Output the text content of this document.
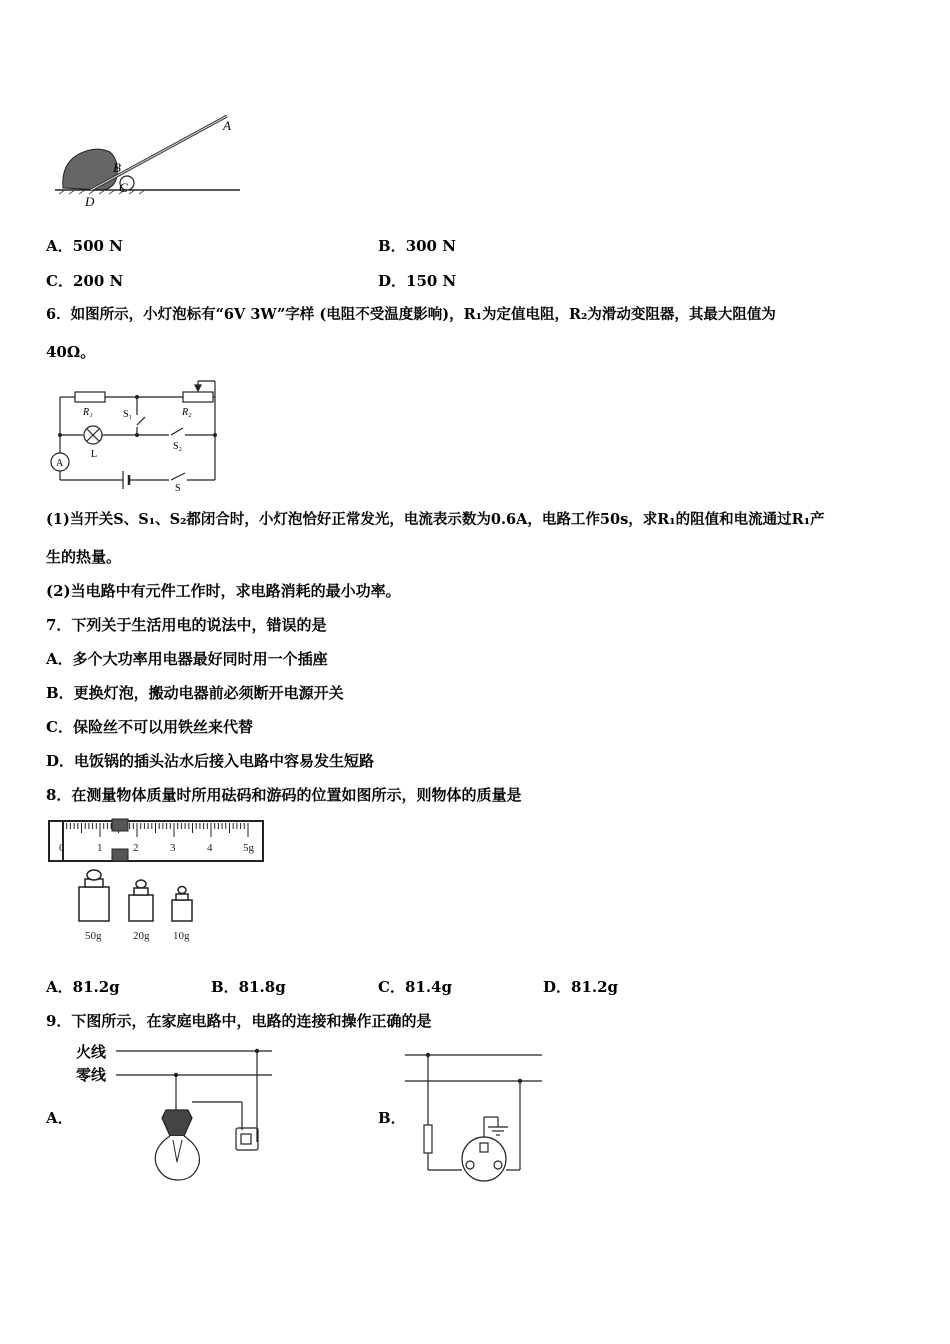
A
B
C
D
A．500 N	B．300 N
C．200 N	D．150 N
6．如图所示，小灯泡标有“6V 3W”字样 (电阻不受温度影响)，R₁为定值电阻，R₂为滑动变阻器，其最大阻值为
40Ω。
R₁	R₂
S₁
S₂
L
A
S
(1)当开关S、S₁、S₂都闭合时，小灯泡恰好正常发光，电流表示数为0.6A，电路工作50s，求R₁的阻值和电流通过R₁产
生的热量。
(2)当电路中有元件工作时，求电路消耗的最小功率。
7．下列关于生活用电的说法中，错误的是
A．多个大功率用电器最好同时用一个插座
B．更换灯泡，搬动电器前必须断开电源开关
C．保险丝不可以用铁丝来代替
D．电饭锅的插头沾水后接入电路中容易发生短路
8．在测量物体质量时所用砝码和游码的位置如图所示，则物体的质量是
0	1	2	3	4	5g
50g	20g 10g
A．81.2g	B．81.8g	C．81.4g	D．81.2g
9．下图所示，在家庭电路中，电路的连接和操作正确的是
A．
火线
零线
B．
